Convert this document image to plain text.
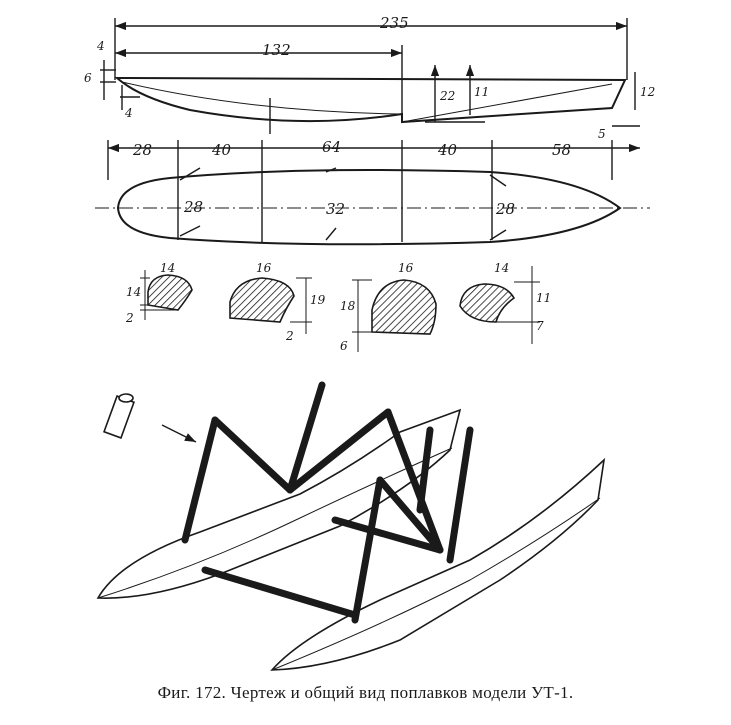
235
132
4
6
4
22 11	12
5
28	40	64	40	58
28	32	28
14
14
2
16
19
2
16
18
6
14
11
7
Фиг. 172. Чертеж и общий вид поплавков модели УТ-1.
